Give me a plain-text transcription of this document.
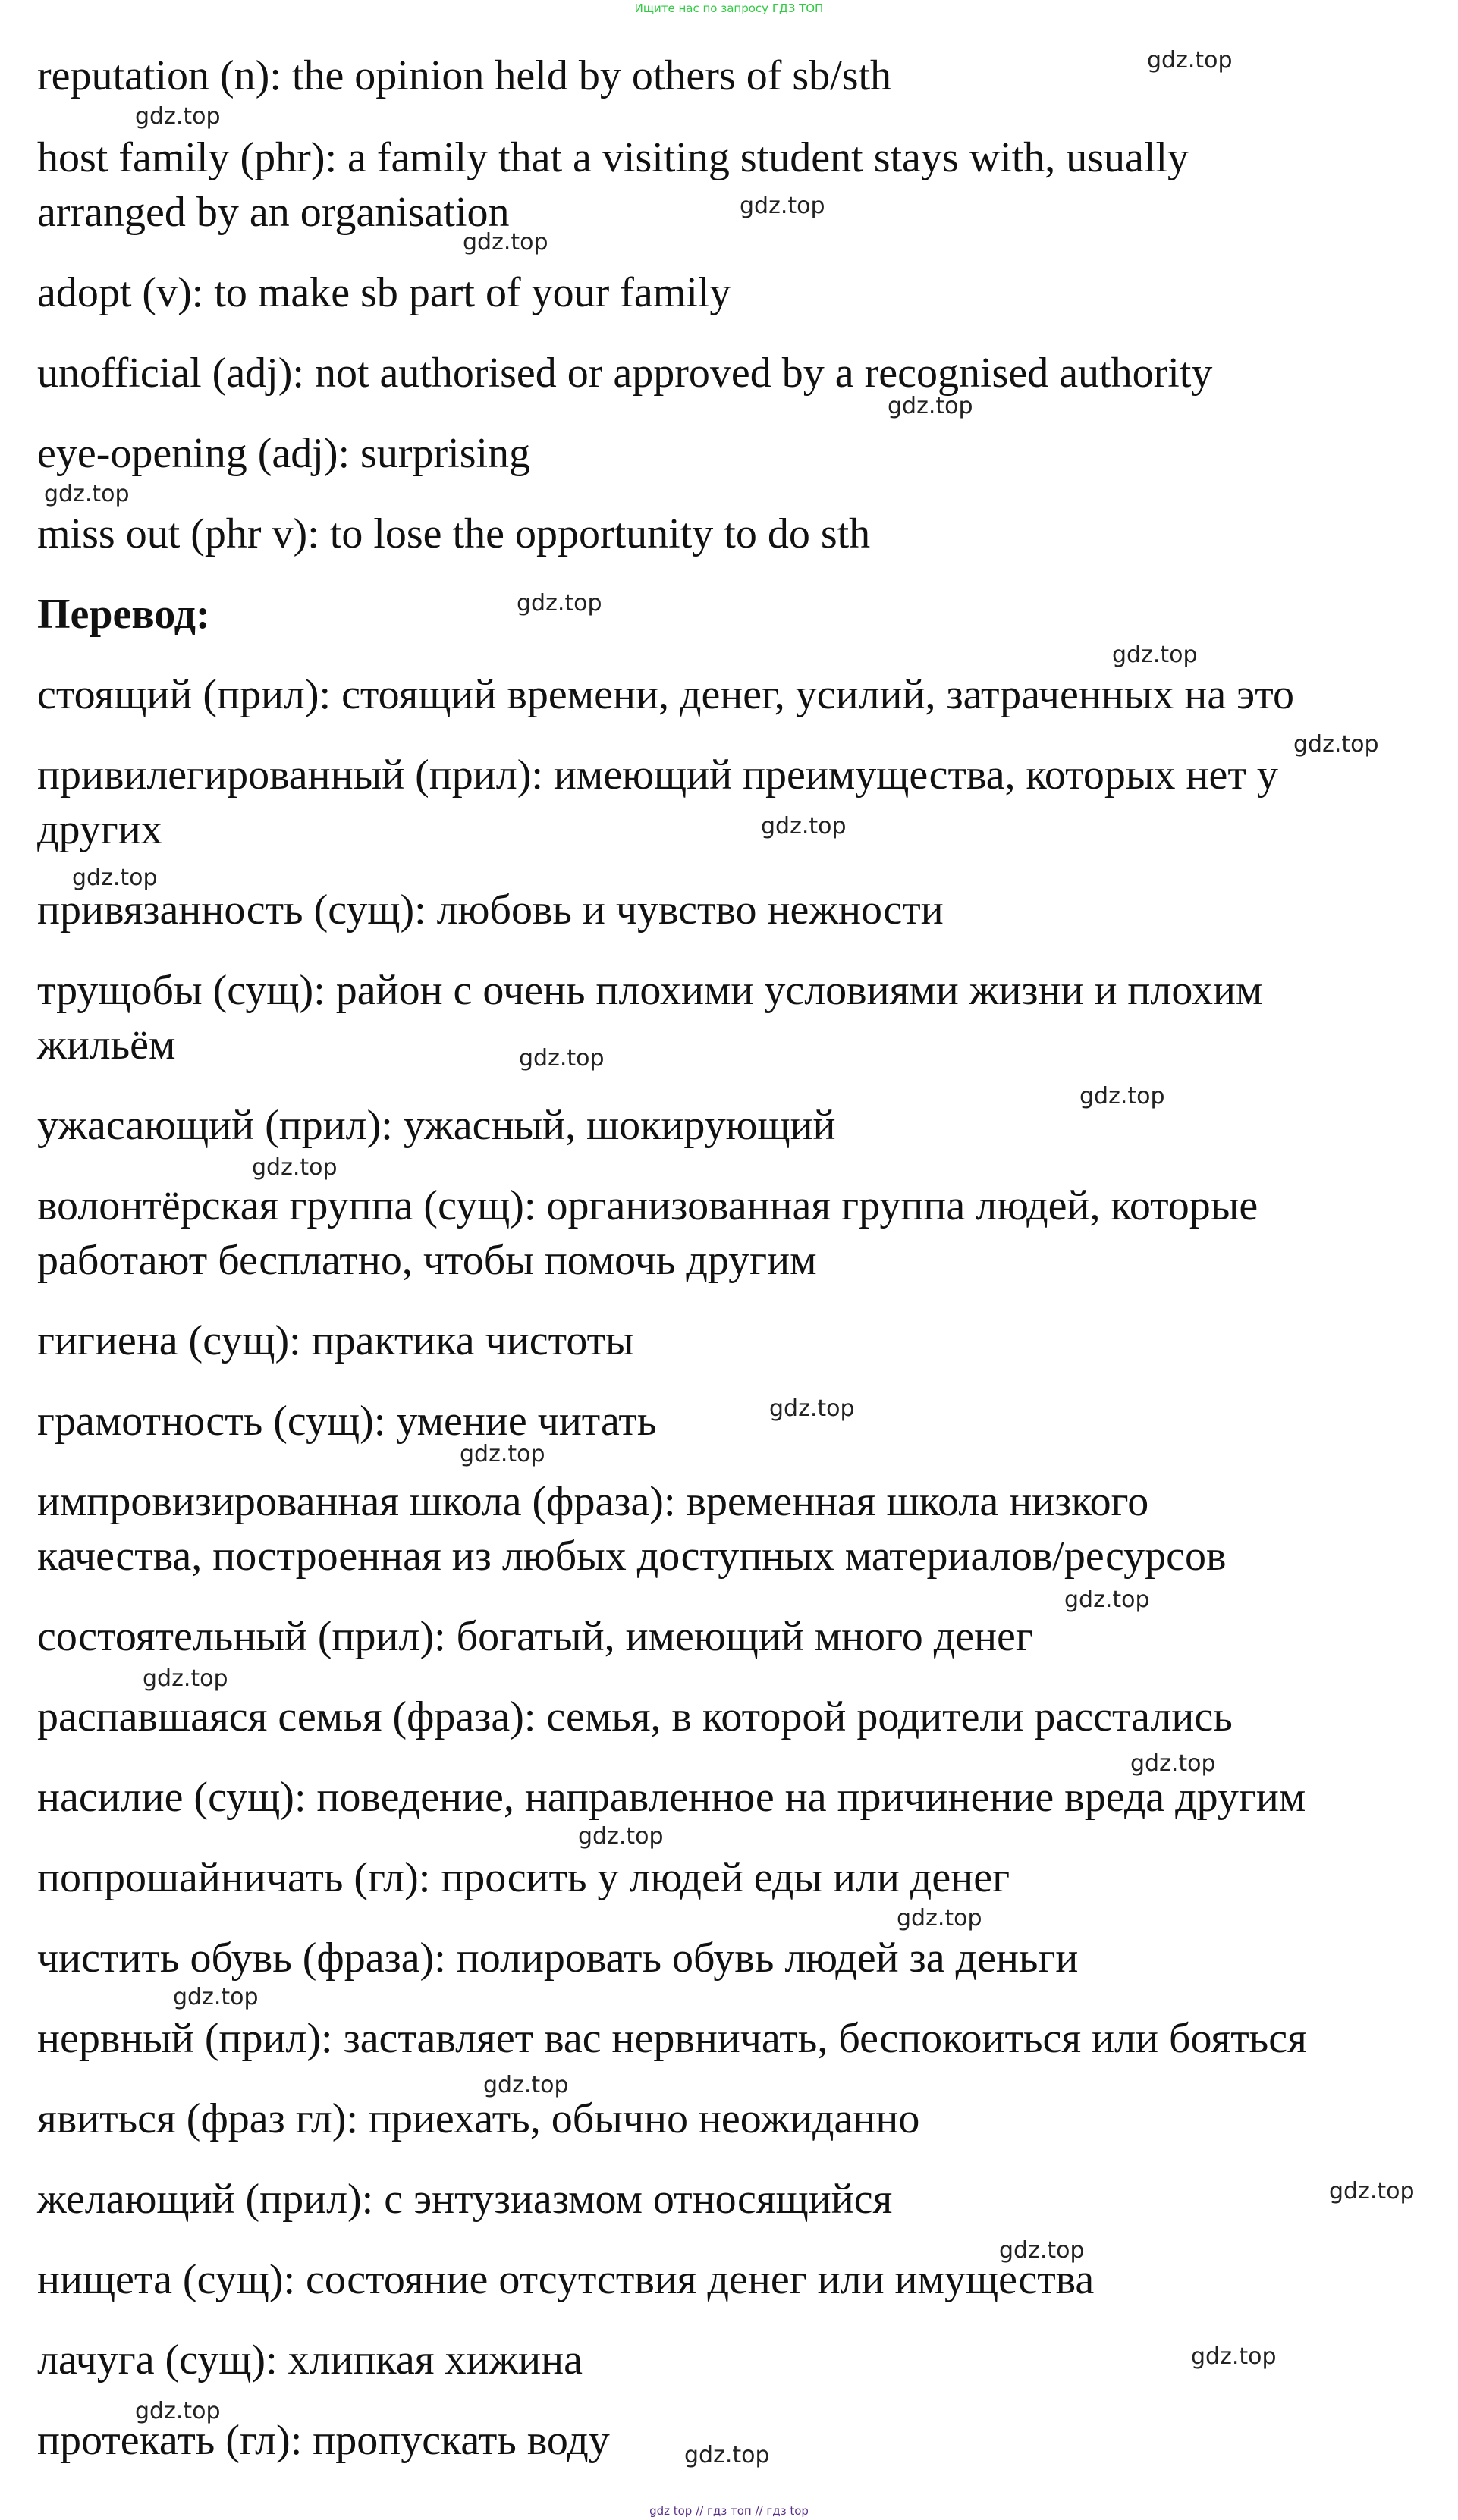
Ищите нас по запросу ГДЗ ТОП
reputation (n): the opinion held by others of sb/sth
host family (phr): a family that a visiting student stays with, usually
arranged by an organisation
adopt (v): to make sb part of your family
unofficial (adj): not authorised or approved by a recognised authority
eye-opening (adj): surprising
miss out (phr v): to lose the opportunity to do sth
Перевод:
стоящий (прил): стоящий времени, денег, усилий, затраченных на это
привилегированный (прил): имеющий преимущества, которых нет у
других
привязанность (сущ): любовь и чувство нежности
трущобы (сущ): район с очень плохими условиями жизни и плохим
жильём
ужасающий (прил): ужасный, шокирующий
волонтёрская группа (сущ): организованная группа людей, которые
работают бесплатно, чтобы помочь другим
гигиена (сущ): практика чистоты
грамотность (сущ): умение читать
импровизированная школа (фраза): временная школа низкого
качества, построенная из любых доступных материалов/ресурсов
состоятельный (прил): богатый, имеющий много денег
распавшаяся семья (фраза): семья, в которой родители расстались
насилие (сущ): поведение, направленное на причинение вреда другим
попрошайничать (гл): просить у людей еды или денег
чистить обувь (фраза): полировать обувь людей за деньги
нервный (прил): заставляет вас нервничать, беспокоиться или бояться
явиться (фраз гл): приехать, обычно неожиданно
желающий (прил): с энтузиазмом относящийся
нищета (сущ): состояние отсутствия денег или имущества
лачуга (сущ): хлипкая хижина
протекать (гл): пропускать воду
gdz.top
gdz.top
gdz.top
gdz.top
gdz.top
gdz.top
gdz.top
gdz.top
gdz.top
gdz.top
gdz.top
gdz.top
gdz.top
gdz.top
gdz.top
gdz.top
gdz.top
gdz.top
gdz.top
gdz.top
gdz.top
gdz.top
gdz.top
gdz.top
gdz.top
gdz.top
gdz.top
gdz.top
gdz top // гдз топ // гдз top
